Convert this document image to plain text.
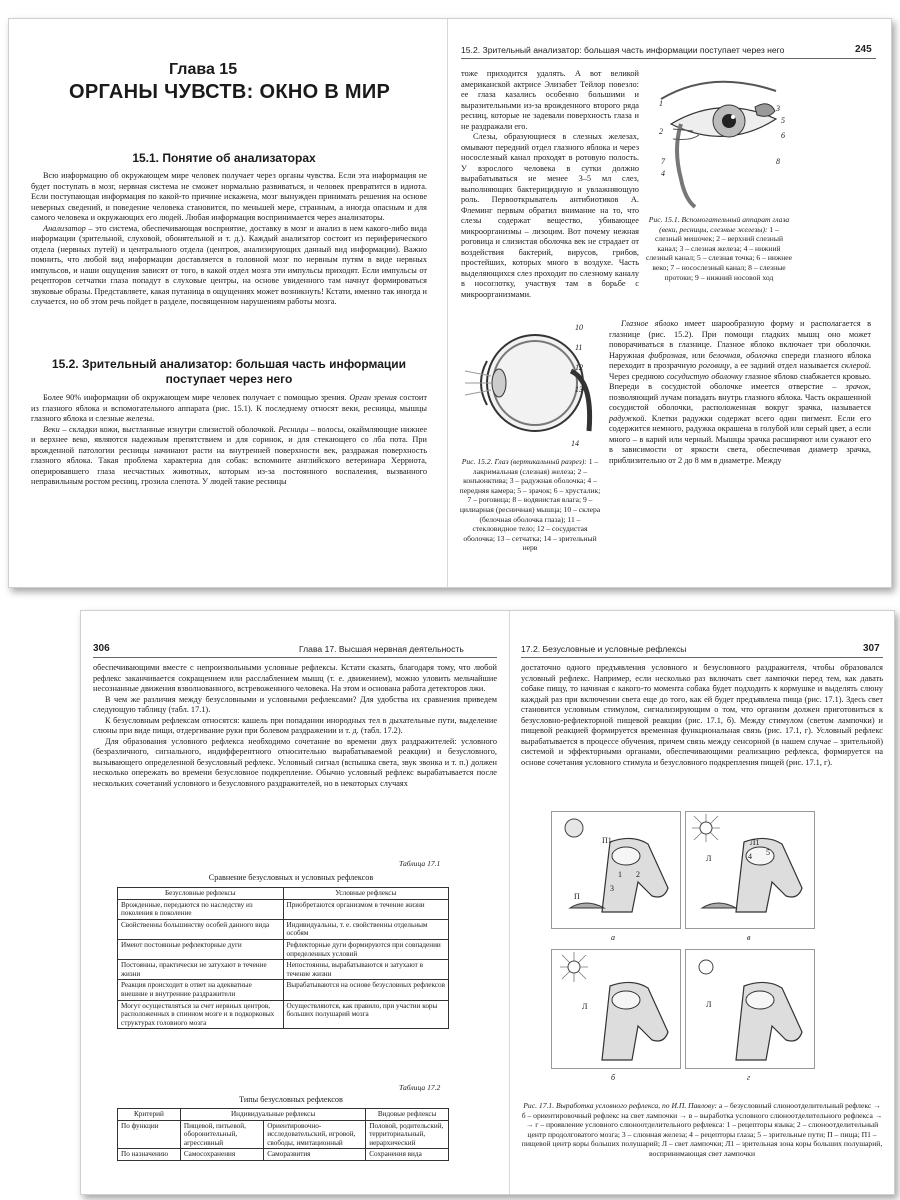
Глава 15
ОРГАНЫ ЧУВСТВ: ОКНО В МИР
15.1. Понятие об анализаторах

Всю информацию об окружающем мире человек получает через органы чувства. Если эта информация не будет поступать в мозг, нервная система не сможет нормально развиваться, и человек превратится в идиота. Если поступающая информация по какой-то причине искажена, мозг вынужден принимать решения на основе неверных сведений, и поведение человека становится, по меньшей мере, странным, а иногда опасным и для самого человека и окружающих его людей. Любая информация воспринимается через анализаторы.

Анализатор – это система, обеспечивающая восприятие, доставку в мозг и анализ в нем какого-либо вида информации (зрительной, слуховой, обонятельной и т. д.). Каждый анализатор состоит из периферического отдела (нервных путей) и центрального отдела (центров, анализирующих данный вид информации). Важно помнить, что любой вид информации доставляется в головной мозг по нервным путям в виде нервных импульсов, и наши ощущения зависят от того, в какой отдел мозга эти импульсы приходят. Если импульсы от рецепторов сетчатки глаза попадут в слуховые центры, на основе увиденного там начнут формироваться звуковые образы. Представляете, какая путаница в ощущениях может возникнуть! Кстати, именно так иногда и случается, но об этом речь пойдет в разделе, посвященном нарушениям работы мозга.

15.2. Зрительный анализатор: большая часть информации поступает через него

Более 90% информации об окружающем мире человек получает с помощью зрения. Орган зрения состоит из глазного яблока и вспомогательного аппарата (рис. 15.1). К последнему относят веки, ресницы, мышцы глазного яблока и слезные железы.

Веки – складки кожи, выстланные изнутри слизистой оболочкой. Ресницы – волосы, окаймляющие нижнее и верхнее веко, являются надежным препятствием и для соринок, и для стекающего со лба пота. При врожденной патологии ресницы начинают расти на внутренней поверхности век, раздражая поверхность глазного яблока. Такая проблема характерна для собак: вспомните английского ветеринара Херриота, оперировавшего глаза несчастных животных, которым из-за постоянного воспаления, вызванного неправильным ростом ресниц, грозила слепота. У людей такие ресницы

15.2. Зрительный анализатор: большая часть информации поступает через него	245

тоже приходится удалять. А вот великой американской актрисе Элизабет Тейлор повезло: ее глаза казались особенно большими и выразительными из-за врожденного второго ряда ресниц, которые не задевали поверхность глаза и не раздражали его.

Слезы, образующиеся в слезных железах, омывают передний отдел глазного яблока и через носослезный канал проходят в ротовую полость. У взрослого человека в сутки должно вырабатываться не менее 3–5 мл слез, выполняющих бактерицидную и увлажняющую роль. Первооткрыватель антибиотиков А. Флеминг первым обратил внимание на то, что слезы содержат вещество, убивающее микроорганизмы – лизоцим. Вот почему нежная роговица и слизистая оболочка век не страдает от воздействия бактерий, вирусов, грибов, простейших, которых много в воздухе. Часть выделяющихся слез проходит по слезному каналу в носоглотку, участвуя там в борьбе с микроорганизмами.

1
2
3
5
6
7
4
8
Рис. 15.1. Вспомогательный аппарат глаза (веки, ресницы, слезные железы): 1 – слезный мешочек; 2 – верхний слезный канал; 3 – слезная железа; 4 – нижний слезный канал; 5 – слезная точка; 6 – нижнее веко; 7 – носослезный канал; 8 – слезные протоки; 9 – нижний носовой ход
10
11
12
13
14
Рис. 15.2. Глаз (вертикальный разрез): 1 – лакримальная (слезная) железа; 2 – конъюнктива; 3 – радужная оболочка; 4 – передняя камера; 5 – зрачок; 6 – хрусталик; 7 – роговица; 8 – водянистая влага; 9 – цилиарная (ресничная) мышца; 10 – склера (белочная оболочка глаза); 11 – стекловидное тело; 12 – сосудистая оболочка; 13 – сетчатка; 14 – зрительный нерв

Глазное яблоко имеет шарообразную форму и располагается в глазнице (рис. 15.2). При помощи гладких мышц оно может поворачиваться в глазнице. Глазное яблоко включает три оболочки. Наружная фиброзная, или белочная, оболочка спереди глазного яблока переходит в прозрачную роговицу, а ее задний отдел называется склерой. Через среднюю сосудистую оболочку глазное яблоко снабжается кровью. Впереди в сосудистой оболочке имеется отверстие – зрачок, позволяющий лучам попадать внутрь глазного яблока. Часть окрашенной сосудистой оболочки, расположенная вокруг зрачка, называется радужкой. Клетки радужки содержат всего один пигмент. Если его содержится немного, радужка окрашена в голубой или серый цвет, а если много – в карий или черный. Мышцы зрачка расширяют или сужают его в зависимости от яркости света, обеспечивая диаметр зрачка, приблизительно от 2 до 8 мм в диаметре. Между

306	Глава 17. Высшая нервная деятельность

обеспечивающими вместе с непроизвольными условные рефлексы. Кстати сказать, благодаря тому, что любой рефлекс заканчивается сокращением или расслаблением мышц (т. е. движением), можно уловить мельчайшие несознанные движения взволнованного, встревоженного человека. На этом и основана работа детекторов лжи.

В чем же различия между безусловными и условными рефлексами? Для удобства их сравнения приведем следующую таблицу (табл. 17.1).

К безусловным рефлексам относятся: кашель при попадании инородных тел в дыхательные пути, выделение слюны при виде пищи, отдергивание руки при болевом раздражении и т. д. (табл. 17.2).

Для образования условного рефлекса необходимо сочетание во времени двух раздражителей: условного (безразличного, сигнального, индифферентного относительно вырабатываемой реакции) и безусловного, вызывающего определенной безусловный рефлекс. Условный сигнал (вспышка света, звук звонка и т. п.) должен несколько опережать во времени безусловное подкрепление. Обычно условный рефлекс вырабатывается после нескольких сочетаний условного и безусловного раздражителей, но в некоторых случаях

Таблица 17.1
Сравнение безусловных и условных рефлексов
Безусловные рефлексы	Условные рефлексы
Врожденные, передаются по наследству из поколения в поколение	Приобретаются организмом в течение жизни
Свойственны большинству особей данного вида	Индивидуальны, т. е. свойственны отдельным особям
Имеют постоянные рефлекторные дуги	Рефлекторные дуги формируются при совпадении определенных условий
Постоянны, практически не затухают в течение жизни	Непостоянны, вырабатываются и затухают в течение жизни
Реакция происходит в ответ на адекватные внешние и внутренние раздражители	Вырабатываются на основе безусловных рефлексов
Могут осуществляться за счет нервных центров, расположенных в спинном мозге и в подкорковых структурах головного мозга	Осуществляются, как правило, при участии коры больших полушарий мозга
Таблица 17.2
Типы безусловных рефлексов
Критерий	Индивидуальные рефлексы		Видовые рефлексы
По функции	Пищевой, питьевой, оборонительный, агрессивный	Ориентировочно-исследовательский, игровой, свободы, имитационный	Половой, родительский, территориальный, иерархический
По назначению	Самосохранения	Саморазвития	Сохранения вида
17.2. Безусловные и условные рефлексы	307

достаточно одного предъявления условного и безусловного раздражителя, чтобы образовался условный рефлекс. Например, если несколько раз включать свет лампочки перед тем, как давать собаке пищу, то начиная с какого-то момента собака будет подходить к кормушке и выделять слюну каждый раз при включении света еще до того, как ей будет предъявлена пища (рис. 17.1). Здесь свет становится условным стимулом, сигнализирующим о том, что организм должен приготовиться к безусловно-рефлекторной пищевой реакции (рис. 17.1, б). Между стимулом (светом лампочки) и пищевой реакцией формируется временная функциональная связь (рис. 17.1, г). Условный рефлекс вырабатывается в процессе обучения, причем связь между сенсорной (в нашем случае – зрительной) системой и эффекторными органами, обеспечивающими реализацию рефлекса, формируется на основе сочетания условного стимула и безусловного подкрепления пищей (рис. 17.1, г).

П1
П
2
3
1
Л
Л1
4 5
а	в
Л	Л
б	г
Рис. 17.1. Выработка условного рефлекса, по И.П. Павлову: а – безусловный слюноотделительный рефлекс → б – ориентировочный рефлекс на свет лампочки → в – выработка условного слюноотделительного рефлекса → → г – проявление условного слюноотделительного рефлекса: 1 – рецепторы языка; 2 – слюноотделительный центр продолговатого мозга; 3 – слюнная железа; 4 – рецепторы глаза; 5 – зрительные пути; П – пища; П1 – пищевой центр коры больших полушарий; Л – свет лампочки; Л1 – зрительная зона коры больших полушарий, воспринимающая свет лампочки
